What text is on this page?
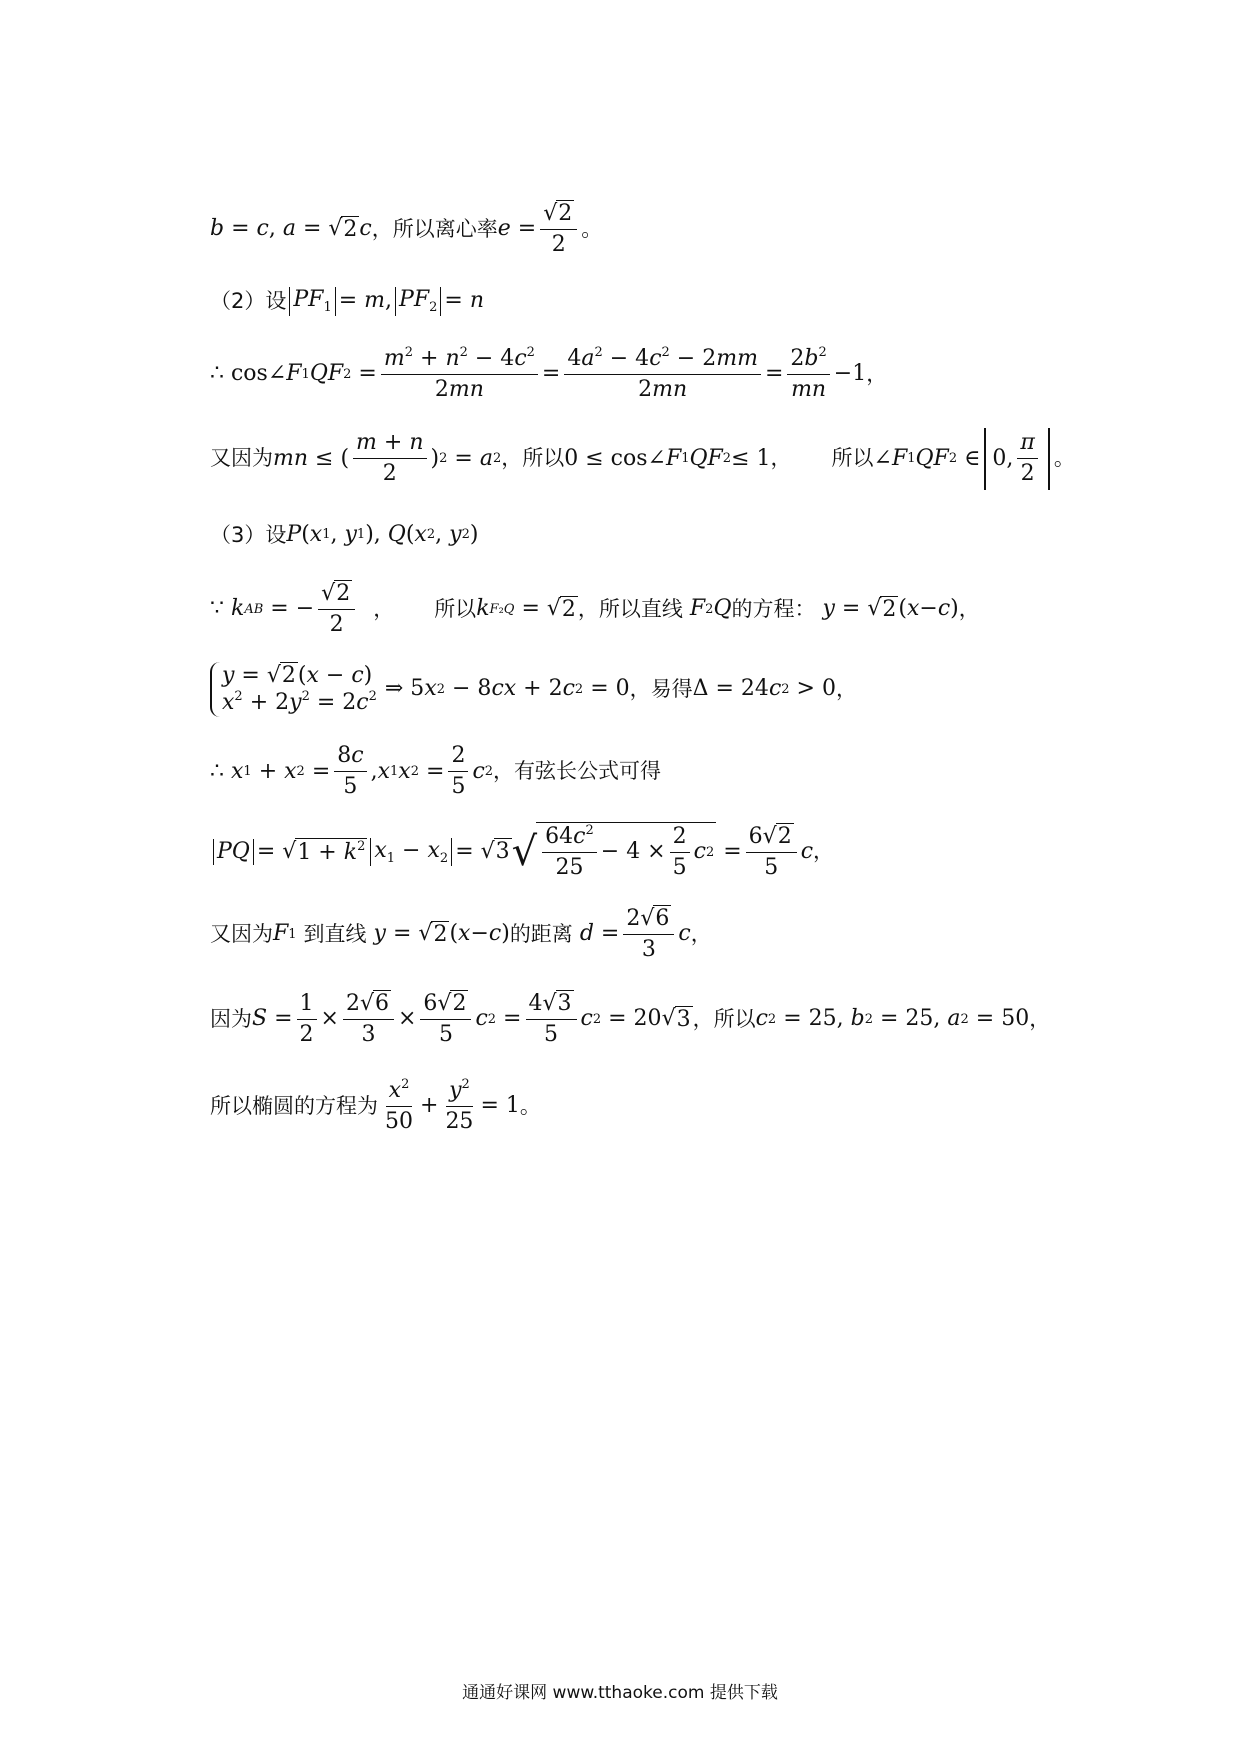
b = c , a = √ 2 c ，所以离心率 $e = \frac{√2}{2}$ 。
（2）设 $PF_1 = m$ , $PF_2 = n$
∴ cos∠ F 1 QF $2 = \frac{m^2 + n^2 - 4c^2}{2mn} = \frac{4a^2 - 4c^2 - 2mm}{2mn} = \frac{2b^2}{mn} -1$ ，
又因为 mn ≤ ( $\frac{m + n}{2}$ ) 2 = a 2 ，所以 0 ≤ cos∠ F 1 QF 2 ≤ 1 ， 所以 ∠ F 1 QF 2 ∈ 0, $\frac{\pi}{2}$ 。
（3）设 P ( x 1 , y 1 ), Q ( x 2 , y 2 )
∵ k AB = − $\frac{√2}{2}$
， 所以 k F₂Q = √ 2 ，所以直线
F 2 Q 的方程：
y = √ 2 ( x − c ) ，
y = √2(x − c)
$x^2 + 2y^2 = 2c^2$ ⇒ 5 x 2 − 8 cx + 2 c 2 = 0 ，易得 Δ = 24 c 2 > 0 ，
∴ x 1 + x $2 = \frac{8c}{5}$ , x 1 x $2 = \frac{2}{5}$ c 2 ，有弦长公式可得
PQ = √ $1 + k^2$ $x_1 - x_2$ = √ 3 √ $\frac{64c^2}{25} - 4 \times \frac{2}{5}$ c $2 = \frac{6√2}{5}$ c ，
又因为 F 1
到直线
y = √ 2 ( x − c ) 的距离
$d = \frac{2√6}{3}$ c ，
因为 $S = \frac{1}{2} \times \frac{2√6}{3} \times \frac{6√2}{5}$ c $2 = \frac{4√3}{5}$ c 2 = 20 √ 3 ，所以 c 2 = 25, b 2 = 25, a 2 = 50 ，
所以椭圆的方程为 $\frac{x^2}{50} + \frac{y^2}{25} = 1$ 。
通通好课网 www.tthaoke.com 提供下载
